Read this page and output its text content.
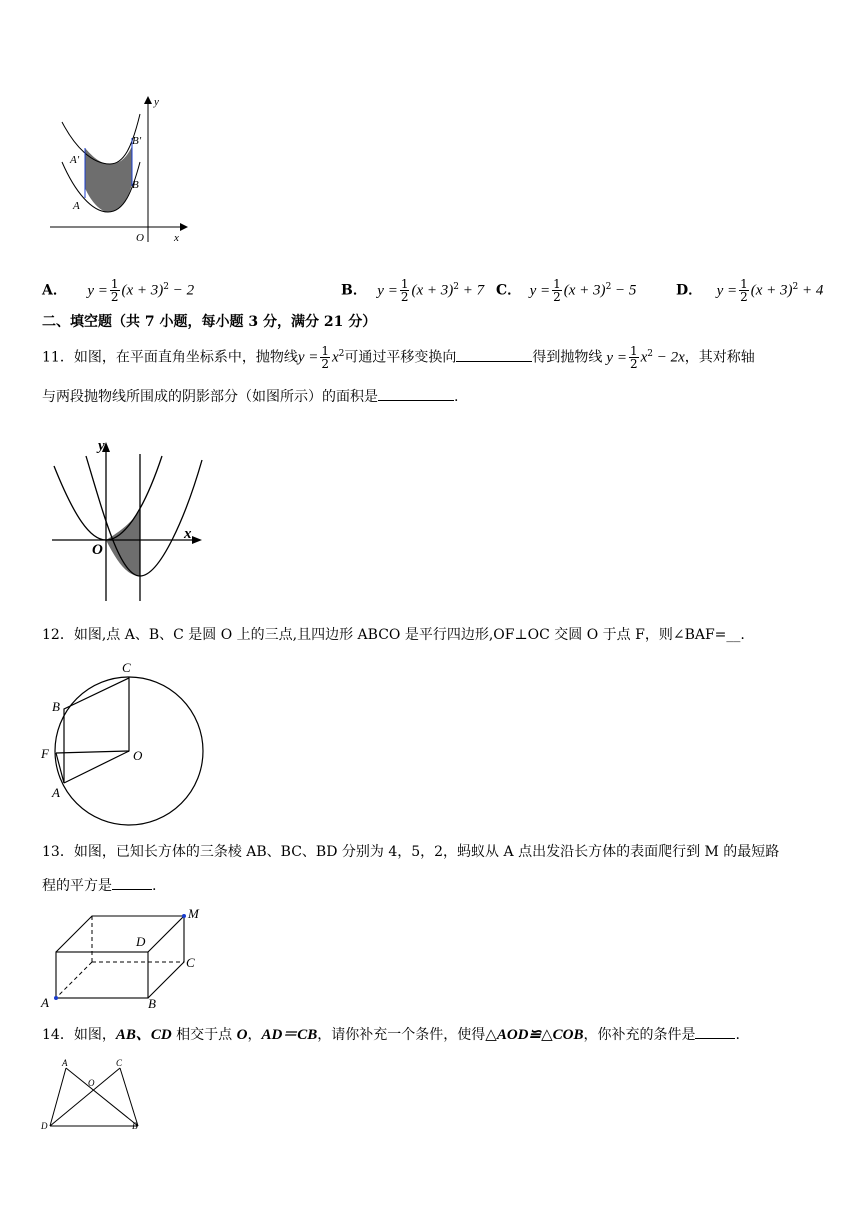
y
x
O
B′
A′
B
A
A． $y = \frac{1}{2} (x + 3)^2 - 2$	B． $y = \frac{1}{2} (x + 3)^2 + 7$ C． $y = \frac{1}{2} (x + 3)^2 - 5$	D． $y = \frac{1}{2} (x + 3)^2 + 4$
二、填空题（共 7 小题，每小题 3 分，满分 21 分）
11．如图，在平面直角坐标系中，抛物线$y = \frac{1}{2} x^2$可通过平移变换向	得到抛物线 $y = \frac{1}{2} x^2 - 2x$，其对称轴
与两段抛物线所围成的阴影部分（如图所示）的面积是	.
y
x
O
12．如图,点 A、B、C 是圆 O 上的三点,且四边形 ABCO 是平行四边形,OF⊥OC 交圆 O 于点 F，则∠BAF=__.
C
B
F	O
A
13．如图，已知长方体的三条棱 AB、BC、BD 分别为 4，5，2，蚂蚁从 A 点出发沿长方体的表面爬行到 M 的最短路
程的平方是	.
M
D
C
A	B
14．如图，AB、CD 相交于点 O，AD＝CB，请你补充一个条件，使得△AOD≌△COB，你补充的条件是	.
A	C
O
D	B
